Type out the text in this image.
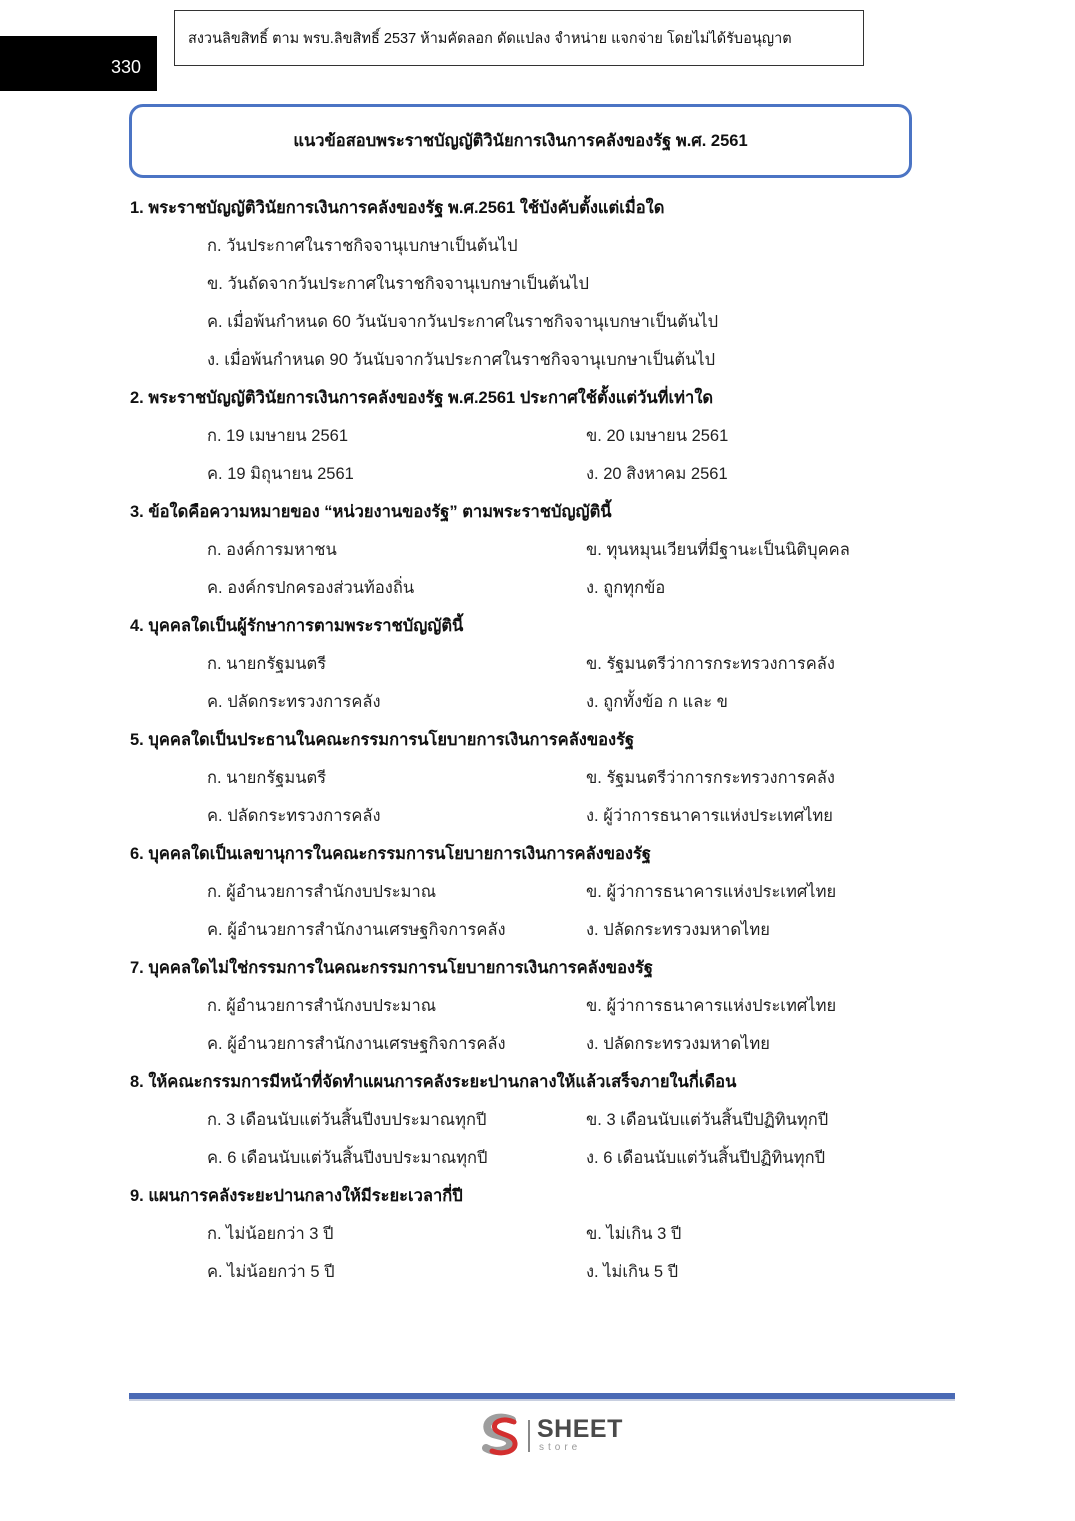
330
สงวนลิขสิทธิ์ ตาม พรบ.ลิขสิทธิ์ 2537 ห้ามคัดลอก ดัดแปลง จำหน่าย แจกจ่าย โดยไม่ได้รับอนุญาต
แนวข้อสอบพระราชบัญญัติวินัยการเงินการคลังของรัฐ พ.ศ. 2561
1. พระราชบัญญัติวินัยการเงินการคลังของรัฐ พ.ศ.2561 ใช้บังคับตั้งแต่เมื่อใด
ก. วันประกาศในราชกิจจานุเบกษาเป็นต้นไป
ข. วันถัดจากวันประกาศในราชกิจจานุเบกษาเป็นต้นไป
ค. เมื่อพ้นกำหนด 60 วันนับจากวันประกาศในราชกิจจานุเบกษาเป็นต้นไป
ง. เมื่อพ้นกำหนด 90 วันนับจากวันประกาศในราชกิจจานุเบกษาเป็นต้นไป
2. พระราชบัญญัติวินัยการเงินการคลังของรัฐ พ.ศ.2561 ประกาศใช้ตั้งแต่วันที่เท่าใด
ก. 19 เมษายน 2561	ข. 20 เมษายน 2561
ค. 19 มิถุนายน 2561	ง. 20 สิงหาคม 2561
3. ข้อใดคือความหมายของ “หน่วยงานของรัฐ” ตามพระราชบัญญัตินี้
ก. องค์การมหาชน	ข. ทุนหมุนเวียนที่มีฐานะเป็นนิติบุคคล
ค. องค์กรปกครองส่วนท้องถิ่น	ง. ถูกทุกข้อ
4. บุคคลใดเป็นผู้รักษาการตามพระราชบัญญัตินี้
ก. นายกรัฐมนตรี	ข. รัฐมนตรีว่าการกระทรวงการคลัง
ค. ปลัดกระทรวงการคลัง	ง. ถูกทั้งข้อ ก และ ข
5. บุคคลใดเป็นประธานในคณะกรรมการนโยบายการเงินการคลังของรัฐ
ก. นายกรัฐมนตรี	ข. รัฐมนตรีว่าการกระทรวงการคลัง
ค. ปลัดกระทรวงการคลัง	ง. ผู้ว่าการธนาคารแห่งประเทศไทย
6. บุคคลใดเป็นเลขานุการในคณะกรรมการนโยบายการเงินการคลังของรัฐ
ก. ผู้อำนวยการสำนักงบประมาณ	ข. ผู้ว่าการธนาคารแห่งประเทศไทย
ค. ผู้อำนวยการสำนักงานเศรษฐกิจการคลัง	ง. ปลัดกระทรวงมหาดไทย
7. บุคคลใดไม่ใช่กรรมการในคณะกรรมการนโยบายการเงินการคลังของรัฐ
ก. ผู้อำนวยการสำนักงบประมาณ	ข. ผู้ว่าการธนาคารแห่งประเทศไทย
ค. ผู้อำนวยการสำนักงานเศรษฐกิจการคลัง	ง. ปลัดกระทรวงมหาดไทย
8. ให้คณะกรรมการมีหน้าที่จัดทำแผนการคลังระยะปานกลางให้แล้วเสร็จภายในกี่เดือน
ก. 3 เดือนนับแต่วันสิ้นปีงบประมาณทุกปี	ข. 3 เดือนนับแต่วันสิ้นปีปฏิทินทุกปี
ค. 6 เดือนนับแต่วันสิ้นปีงบประมาณทุกปี	ง. 6 เดือนนับแต่วันสิ้นปีปฏิทินทุกปี
9. แผนการคลังระยะปานกลางให้มีระยะเวลากี่ปี
ก. ไม่น้อยกว่า 3 ปี	ข. ไม่เกิน 3 ปี
ค. ไม่น้อยกว่า 5 ปี	ง. ไม่เกิน 5 ปี
SHEET
store
